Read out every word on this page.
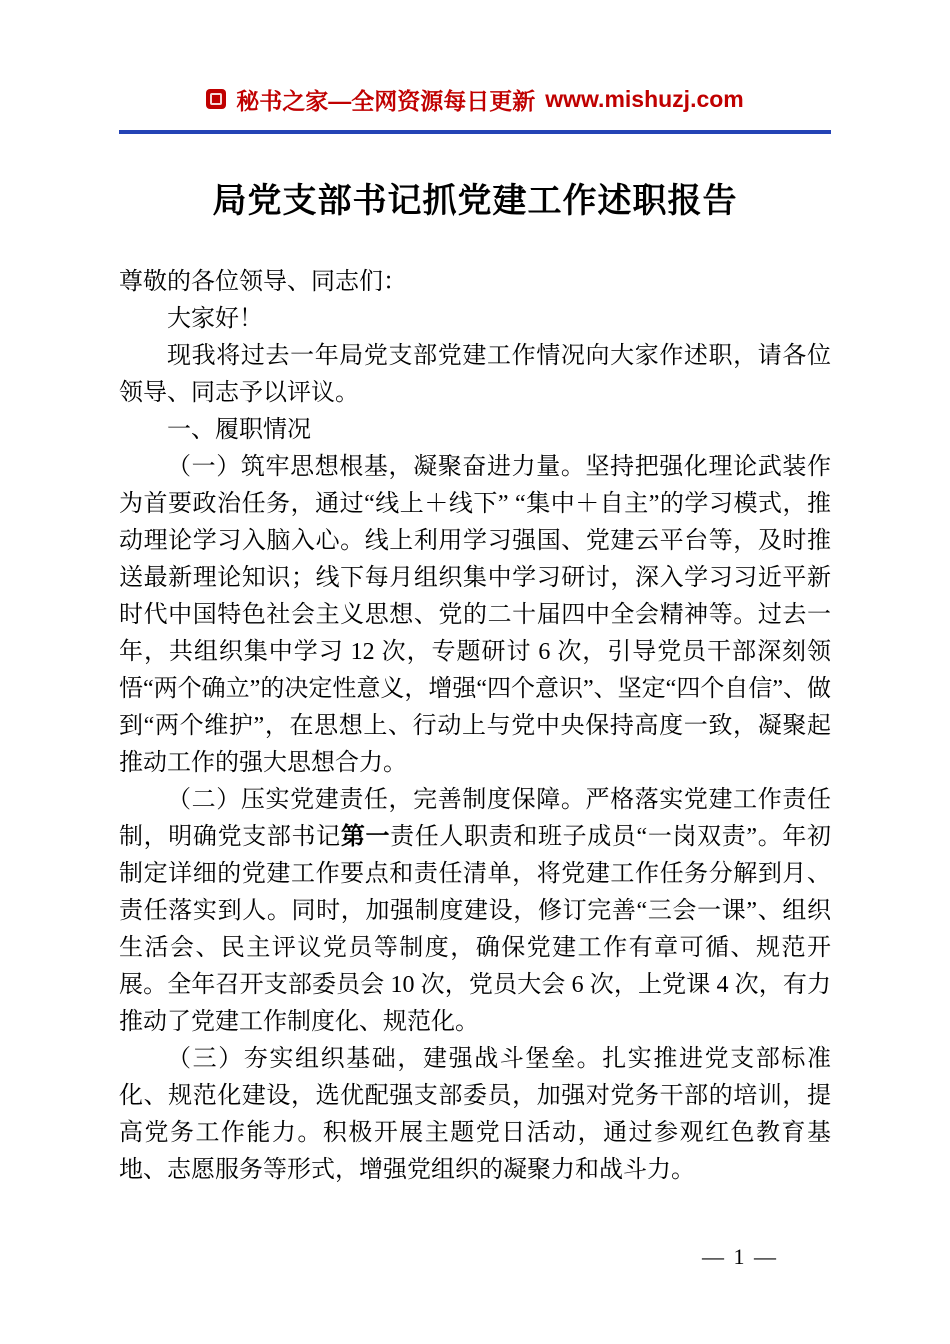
秘书之家—全网资源每日更新 www.mishuzj.com
局党支部书记抓党建工作述职报告

尊敬的各位领导、同志们：

大家好！

现我将过去一年局党支部党建工作情况向大家作述职，请各位领导、同志予以评议。

一、履职情况

（一）筑牢思想根基，凝聚奋进力量。坚持把强化理论武装作为首要政治任务，通过“线上＋线下” “集中＋自主”的学习模式，推动理论学习入脑入心。线上利用学习强国、党建云平台等，及时推送最新理论知识；线下每月组织集中学习研讨，深入学习习近平新时代中国特色社会主义思想、党的二十届四中全会精神等。过去一年，共组织集中学习 12 次，专题研讨 6 次，引导党员干部深刻领悟“两个确立”的决定性意义，增强“四个意识”、坚定“四个自信”、做到“两个维护”，在思想上、行动上与党中央保持高度一致，凝聚起推动工作的强大思想合力。

（二）压实党建责任，完善制度保障。严格落实党建工作责任制，明确党支部书记第一责任人职责和班子成员“一岗双责”。年初制定详细的党建工作要点和责任清单，将党建工作任务分解到月、责任落实到人。同时，加强制度建设，修订完善“三会一课”、组织生活会、民主评议党员等制度，确保党建工作有章可循、规范开展。全年召开支部委员会 10 次，党员大会 6 次，上党课 4 次，有力推动了党建工作制度化、规范化。

（三）夯实组织基础，建强战斗堡垒。扎实推进党支部标准化、规范化建设，选优配强支部委员，加强对党务干部的培训，提高党务工作能力。积极开展主题党日活动，通过参观红色教育基地、志愿服务等形式，增强党组织的凝聚力和战斗力。

— 1 —
